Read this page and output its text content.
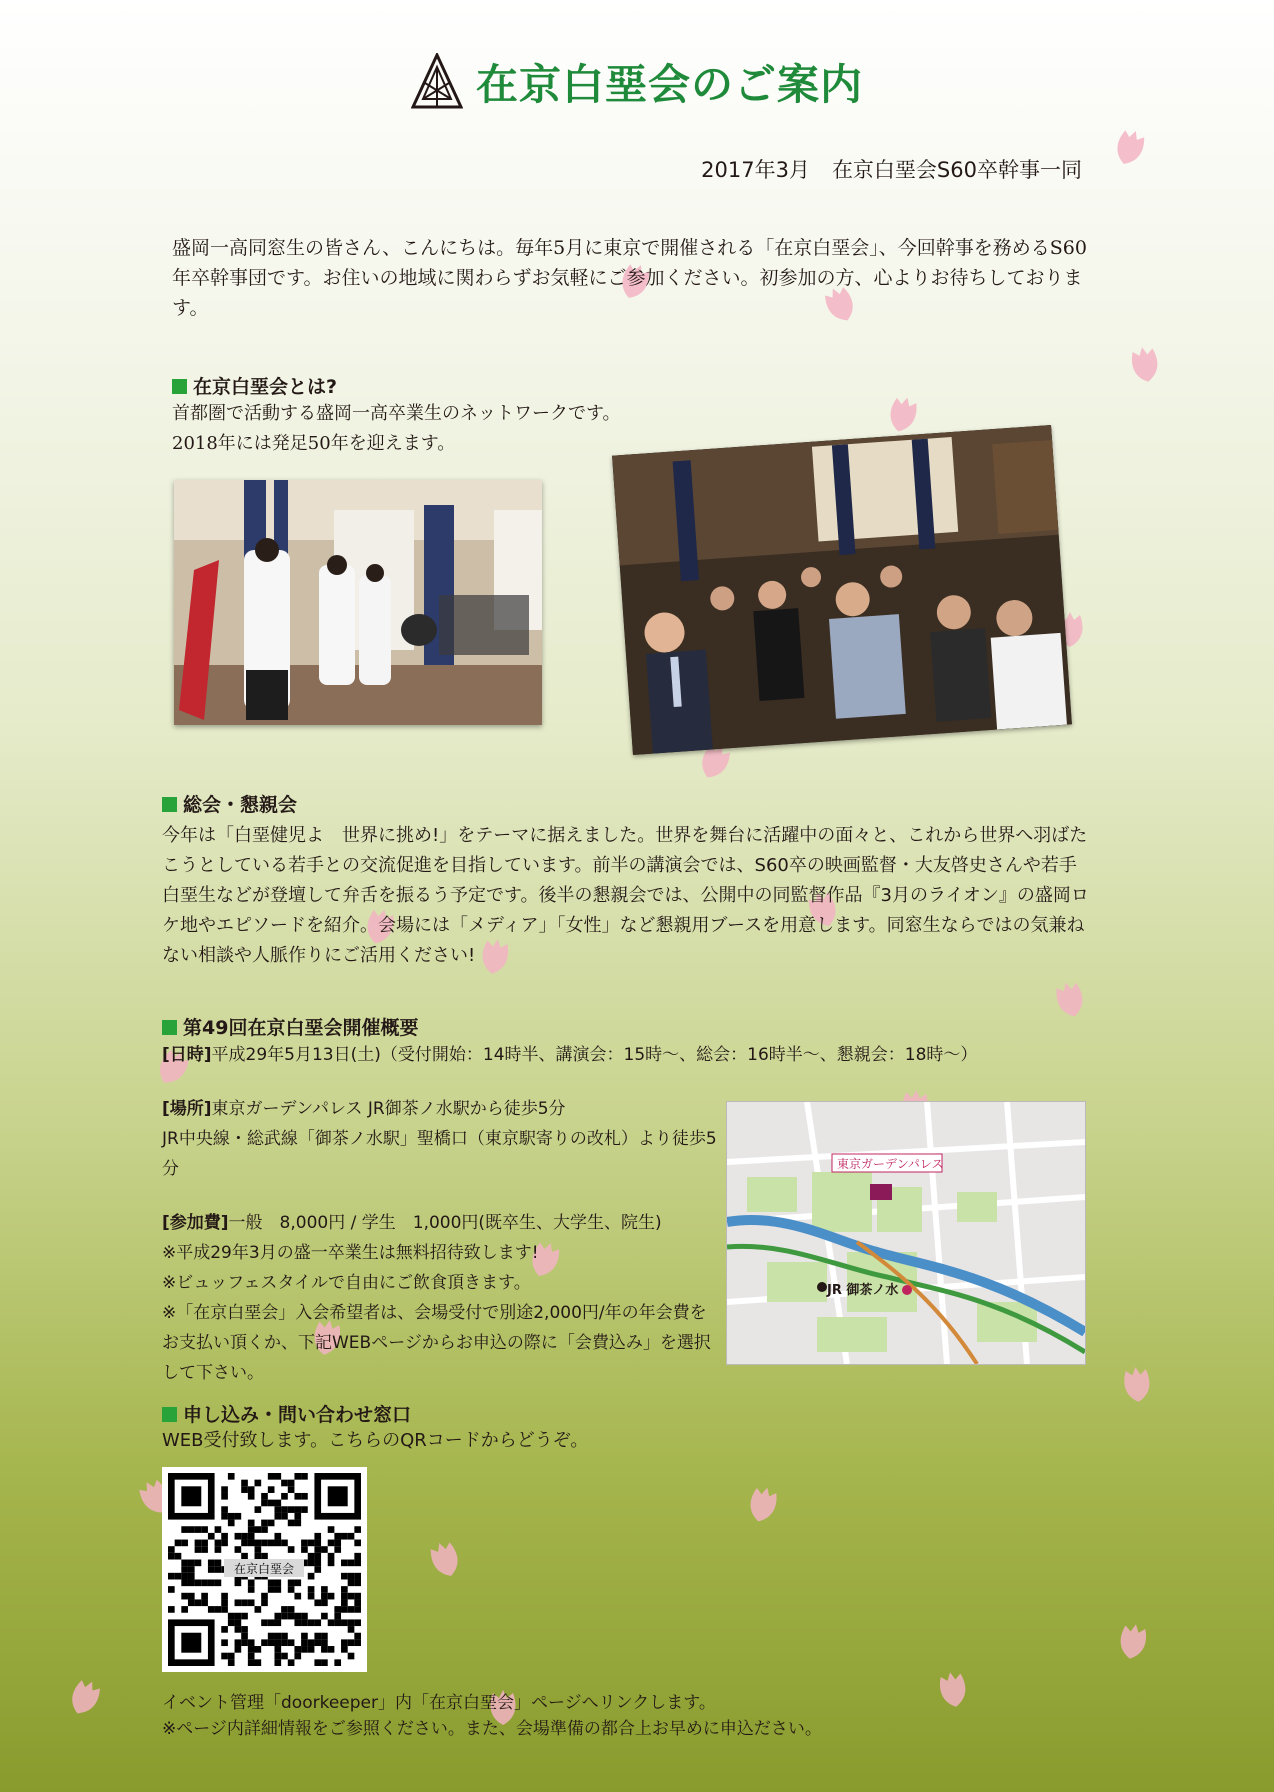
在京白堊会のご案内
2017年3月 在京白堊会S60卒幹事一同
盛岡一高同窓生の皆さん、こんにちは。毎年5月に東京で開催される「在京白堊会」、今回幹事を務めるS60年卒幹事団です。お住いの地域に関わらずお気軽にご参加ください。初参加の方、心よりお待ちしております。
在京白堊会とは?
首都圏で活動する盛岡一高卒業生のネットワークです。
2018年には発足50年を迎えます。
総会・懇親会
今年は「白堊健児よ　世界に挑め!」をテーマに据えました。世界を舞台に活躍中の面々と、これから世界へ羽ばたこうとしている若手との交流促進を目指しています。前半の講演会では、S60卒の映画監督・大友啓史さんや若手白堊生などが登壇して弁舌を振るう予定です。後半の懇親会では、公開中の同監督作品『3月のライオン』の盛岡ロケ地やエピソードを紹介。会場には「メディア」「女性」など懇親用ブースを用意します。同窓生ならではの気兼ねない相談や人脈作りにご活用ください!
第49回在京白堊会開催概要
[日時]平成29年5月13日(土)（受付開始：14時半、講演会：15時～、総会：16時半～、懇親会：18時～）
[場所]東京ガーデンパレス JR御茶ノ水駅から徒歩5分
JR中央線・総武線「御茶ノ水駅」聖橋口（東京駅寄りの改札）より徒歩5分
[参加費]一般　8,000円 / 学生　1,000円(既卒生、大学生、院生)
※平成29年3月の盛一卒業生は無料招待致します!
※ビュッフェスタイルで自由にご飲食頂きます。
※「在京白堊会」入会希望者は、会場受付で別途2,000円/年の年会費を
お支払い頂くか、下記WEBページからお申込の際に「会費込み」を選択
して下さい。
東京ガーデンパレス
JR 御茶ノ水
申し込み・問い合わせ窓口
WEB受付致します。こちらのQRコードからどうぞ。
在京白堊会
イベント管理「doorkeeper」内「在京白堊会」ページへリンクします。
※ページ内詳細情報をご参照ください。また、会場準備の都合上お早めに申込ださい。
